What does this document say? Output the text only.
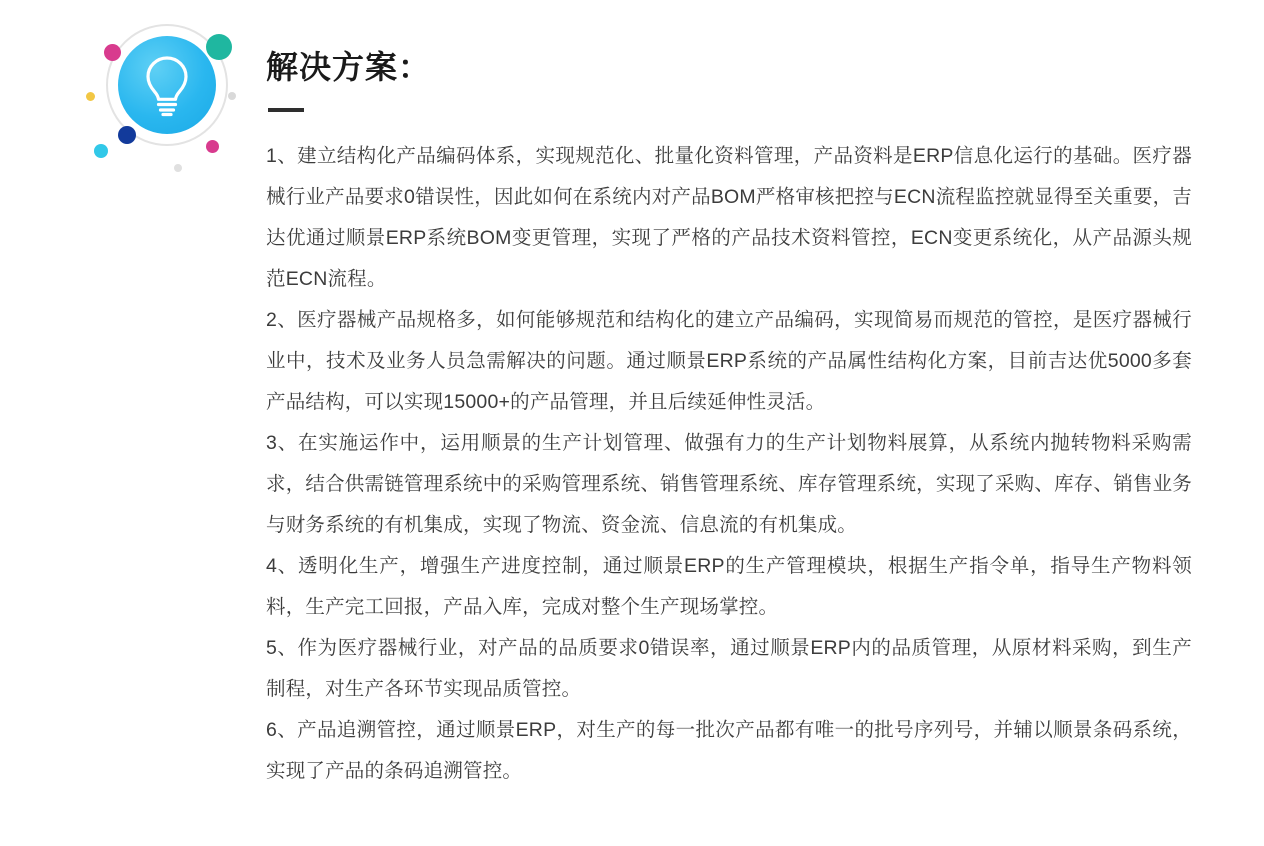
解决方案：

1、建立结构化产品编码体系，实现规范化、批量化资料管理，产品资料是ERP信息化运行的基础。医疗器械行业产品要求0错误性，因此如何在系统内对产品BOM严格审核把控与ECN流程监控就显得至关重要，吉达优通过顺景ERP系统BOM变更管理，实现了严格的产品技术资料管控，ECN变更系统化，从产品源头规范ECN流程。

2、医疗器械产品规格多，如何能够规范和结构化的建立产品编码，实现简易而规范的管控，是医疗器械行业中，技术及业务人员急需解决的问题。通过顺景ERP系统的产品属性结构化方案，目前吉达优5000多套产品结构，可以实现15000+的产品管理，并且后续延伸性灵活。

3、在实施运作中，运用顺景的生产计划管理、做强有力的生产计划物料展算，从系统内抛转物料采购需求，结合供需链管理系统中的采购管理系统、销售管理系统、库存管理系统，实现了采购、库存、销售业务与财务系统的有机集成，实现了物流、资金流、信息流的有机集成。

4、透明化生产，增强生产进度控制，通过顺景ERP的生产管理模块，根据生产指令单，指导生产物料领料，生产完工回报，产品入库，完成对整个生产现场掌控。

5、作为医疗器械行业，对产品的品质要求0错误率，通过顺景ERP内的品质管理，从原材料采购，到生产制程，对生产各环节实现品质管控。

6、产品追溯管控，通过顺景ERP，对生产的每一批次产品都有唯一的批号序列号，并辅以顺景条码系统，实现了产品的条码追溯管控。
